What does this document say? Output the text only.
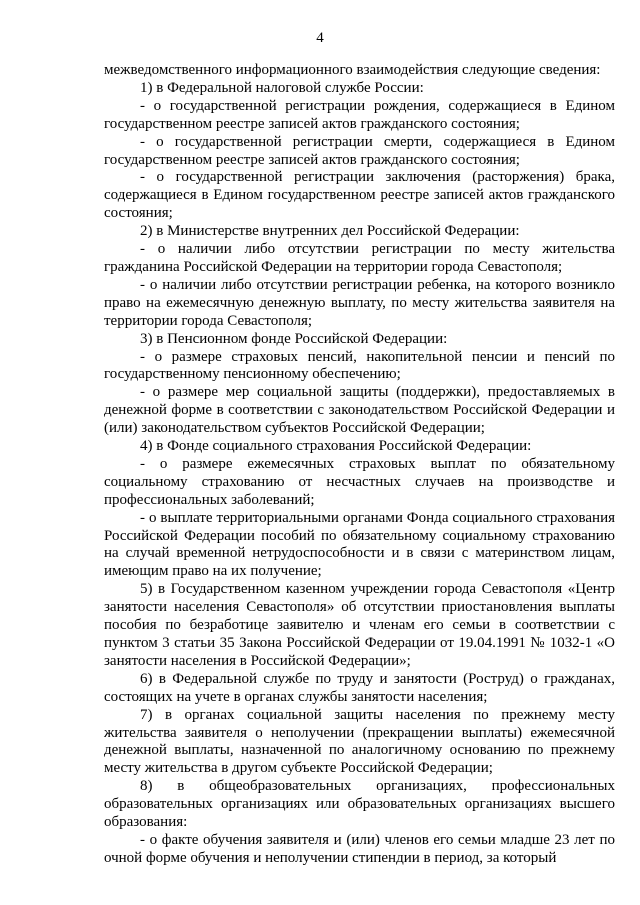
4

межведомственного информационного взаимодействия следующие сведения:

1) в Федеральной налоговой службе России:

- о государственной регистрации рождения, содержащиеся в Едином государственном реестре записей актов гражданского состояния;

- о государственной регистрации смерти, содержащиеся в Едином государственном реестре записей актов гражданского состояния;

- о государственной регистрации заключения (расторжения) брака, содержащиеся в Едином государственном реестре записей актов гражданского состояния;

2) в Министерстве внутренних дел Российской Федерации:

- о наличии либо отсутствии регистрации по месту жительства гражданина Российской Федерации на территории города Севастополя;

- о наличии либо отсутствии регистрации ребенка, на которого возникло право на ежемесячную денежную выплату, по месту жительства заявителя на территории города Севастополя;

3) в Пенсионном фонде Российской Федерации:

- о размере страховых пенсий, накопительной пенсии и пенсий по государственному пенсионному обеспечению;

- о размере мер социальной защиты (поддержки), предоставляемых в денежной форме в соответствии с законодательством Российской Федерации и (или) законодательством субъектов Российской Федерации;

4) в Фонде социального страхования Российской Федерации:

- о размере ежемесячных страховых выплат по обязательному социальному страхованию от несчастных случаев на производстве и профессиональных заболеваний;

- о выплате территориальными органами Фонда социального страхования Российской Федерации пособий по обязательному социальному страхованию на случай временной нетрудоспособности и в связи с материнством лицам, имеющим право на их получение;

5) в Государственном казенном учреждении города Севастополя «Центр занятости населения Севастополя» об отсутствии приостановления выплаты пособия по безработице заявителю и членам его семьи в соответствии с пунктом 3 статьи 35 Закона Российской Федерации от 19.04.1991 № 1032-1 «О занятости населения в Российской Федерации»;

6) в Федеральной службе по труду и занятости (Роструд) о гражданах, состоящих на учете в органах службы занятости населения;

7) в органах социальной защиты населения по прежнему месту жительства заявителя о неполучении (прекращении выплаты) ежемесячной денежной выплаты, назначенной по аналогичному основанию по прежнему месту жительства в другом субъекте Российской Федерации;

8) в общеобразовательных организациях, профессиональных образовательных организациях или образовательных организациях высшего образования:

- о факте обучения заявителя и (или) членов его семьи младше 23 лет по очной форме обучения и неполучении стипендии в период, за который
